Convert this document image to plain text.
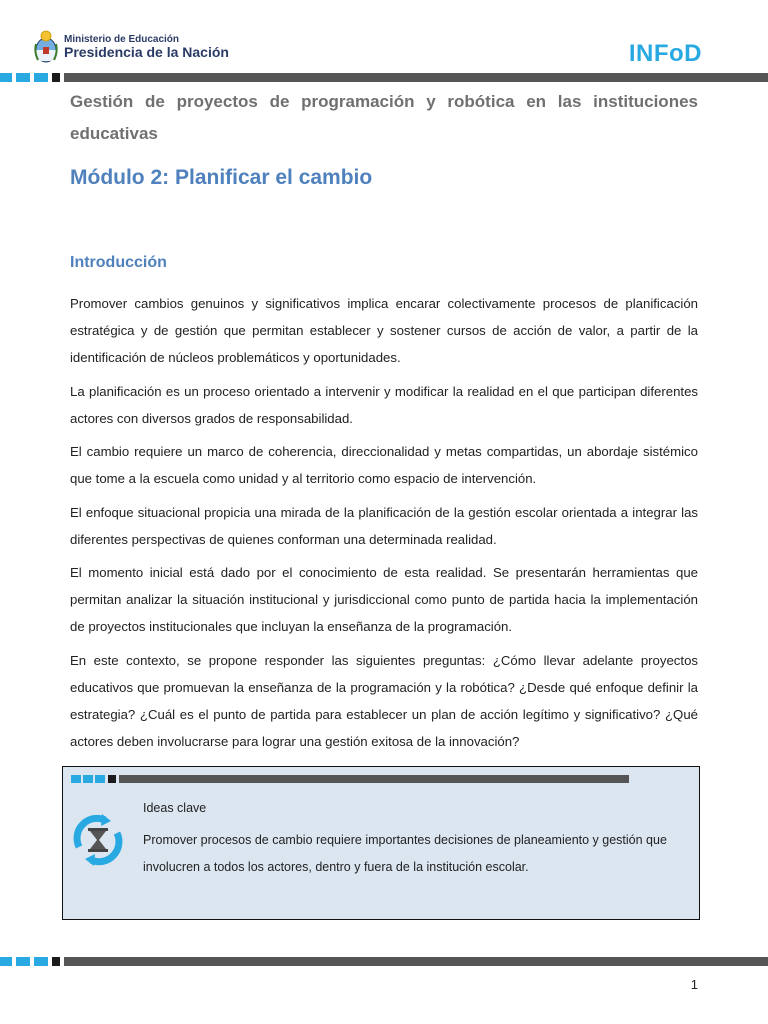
Ministerio de Educación
Presidencia de la Nación	INFoD
Gestión de proyectos de programación y robótica en las instituciones educativas
Módulo 2: Planificar el cambio
Introducción

Promover cambios genuinos y significativos implica encarar colectivamente procesos de planificación estratégica y de gestión que permitan establecer y sostener cursos de acción de valor, a partir de la identificación de núcleos problemáticos y oportunidades.

La planificación es un proceso orientado a intervenir y modificar la realidad en el que participan diferentes actores con diversos grados de responsabilidad.

El cambio requiere un marco de coherencia, direccionalidad y metas compartidas, un abordaje sistémico que tome a la escuela como unidad y al territorio como espacio de intervención.

El enfoque situacional propicia una mirada de la planificación de la gestión escolar orientada a integrar las diferentes perspectivas de quienes conforman una determinada realidad.

El momento inicial está dado por el conocimiento de esta realidad. Se presentarán herramientas que permitan analizar la situación institucional y jurisdiccional como punto de partida hacia la implementación de proyectos institucionales que incluyan la enseñanza de la programación.

En este contexto, se propone responder las siguientes preguntas: ¿Cómo llevar adelante proyectos educativos que promuevan la enseñanza de la programación y la robótica? ¿Desde qué enfoque definir la estrategia? ¿Cuál es el punto de partida para establecer un plan de acción legítimo y significativo? ¿Qué actores deben involucrarse para lograr una gestión exitosa de la innovación?

Ideas clave
Promover procesos de cambio requiere importantes decisiones de planeamiento y gestión que involucren a todos los actores, dentro y fuera de la institución escolar.
1
